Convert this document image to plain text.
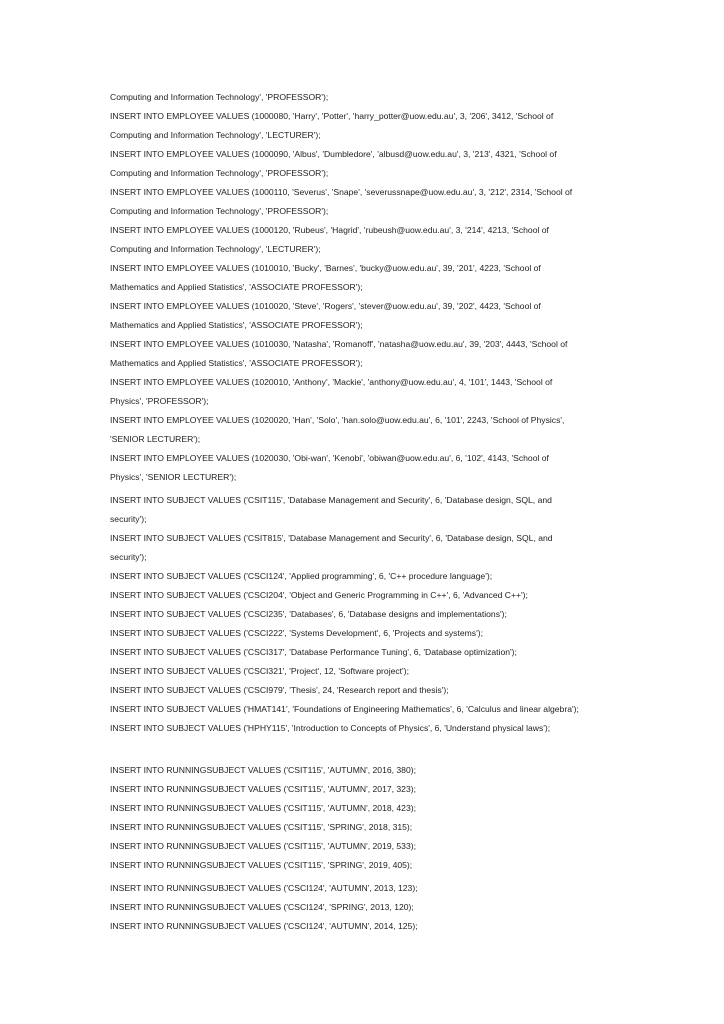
Computing and Information Technology', 'PROFESSOR');
INSERT INTO EMPLOYEE VALUES (1000080, 'Harry', 'Potter', 'harry_potter@uow.edu.au', 3, '206', 3412, 'School of
Computing and Information Technology', 'LECTURER');
INSERT INTO EMPLOYEE VALUES (1000090, 'Albus', 'Dumbledore', 'albusd@uow.edu.au', 3, '213', 4321, 'School of
Computing and Information Technology', 'PROFESSOR');
INSERT INTO EMPLOYEE VALUES (1000110, 'Severus', 'Snape', 'severussnape@uow.edu.au', 3, '212', 2314, 'School of
Computing and Information Technology', 'PROFESSOR');
INSERT INTO EMPLOYEE VALUES (1000120, 'Rubeus', 'Hagrid', 'rubeush@uow.edu.au', 3, '214', 4213, 'School of
Computing and Information Technology', 'LECTURER');
INSERT INTO EMPLOYEE VALUES (1010010, 'Bucky', 'Barnes', 'bucky@uow.edu.au', 39, '201', 4223, 'School of
Mathematics and Applied Statistics', 'ASSOCIATE PROFESSOR');
INSERT INTO EMPLOYEE VALUES (1010020, 'Steve', 'Rogers', 'stever@uow.edu.au', 39, '202', 4423, 'School of
Mathematics and Applied Statistics', 'ASSOCIATE PROFESSOR');
INSERT INTO EMPLOYEE VALUES (1010030, 'Natasha', 'Romanoff', 'natasha@uow.edu.au', 39, '203', 4443, 'School of
Mathematics and Applied Statistics', 'ASSOCIATE PROFESSOR');
INSERT INTO EMPLOYEE VALUES (1020010, 'Anthony', 'Mackie', 'anthony@uow.edu.au', 4, '101', 1443, 'School of
Physics', 'PROFESSOR');
INSERT INTO EMPLOYEE VALUES (1020020, 'Han', 'Solo', 'han.solo@uow.edu.au', 6, '101', 2243, 'School of Physics',
'SENIOR LECTURER');
INSERT INTO EMPLOYEE VALUES (1020030, 'Obi-wan', 'Kenobi', 'obiwan@uow.edu.au', 6, '102', 4143, 'School of
Physics', 'SENIOR LECTURER');
INSERT INTO SUBJECT VALUES ('CSIT115', 'Database Management and Security', 6, 'Database design, SQL, and
security');
INSERT INTO SUBJECT VALUES ('CSIT815', 'Database Management and Security', 6, 'Database design, SQL, and
security');
INSERT INTO SUBJECT VALUES ('CSCI124', 'Applied programming', 6, 'C++ procedure language');
INSERT INTO SUBJECT VALUES ('CSCI204', 'Object and Generic Programming in C++', 6, 'Advanced C++');
INSERT INTO SUBJECT VALUES ('CSCI235', 'Databases', 6, 'Database designs and implementations');
INSERT INTO SUBJECT VALUES ('CSCI222', 'Systems Development', 6, 'Projects and systems');
INSERT INTO SUBJECT VALUES ('CSCI317', 'Database Performance Tuning', 6, 'Database optimization');
INSERT INTO SUBJECT VALUES ('CSCI321', 'Project', 12, 'Software project');
INSERT INTO SUBJECT VALUES ('CSCI979', 'Thesis', 24, 'Research report and thesis');
INSERT INTO SUBJECT VALUES ('HMAT141', 'Foundations of Engineering Mathematics', 6, 'Calculus and linear algebra');
INSERT INTO SUBJECT VALUES ('HPHY115', 'Introduction to Concepts of Physics', 6, 'Understand physical laws');
INSERT INTO RUNNINGSUBJECT VALUES ('CSIT115', 'AUTUMN', 2016, 380);
INSERT INTO RUNNINGSUBJECT VALUES ('CSIT115', 'AUTUMN', 2017, 323);
INSERT INTO RUNNINGSUBJECT VALUES ('CSIT115', 'AUTUMN', 2018, 423);
INSERT INTO RUNNINGSUBJECT VALUES ('CSIT115', 'SPRING', 2018, 315);
INSERT INTO RUNNINGSUBJECT VALUES ('CSIT115', 'AUTUMN', 2019, 533);
INSERT INTO RUNNINGSUBJECT VALUES ('CSIT115', 'SPRING', 2019, 405);
INSERT INTO RUNNINGSUBJECT VALUES ('CSCI124', 'AUTUMN', 2013, 123);
INSERT INTO RUNNINGSUBJECT VALUES ('CSCI124', 'SPRING', 2013, 120);
INSERT INTO RUNNINGSUBJECT VALUES ('CSCI124', 'AUTUMN', 2014, 125);
